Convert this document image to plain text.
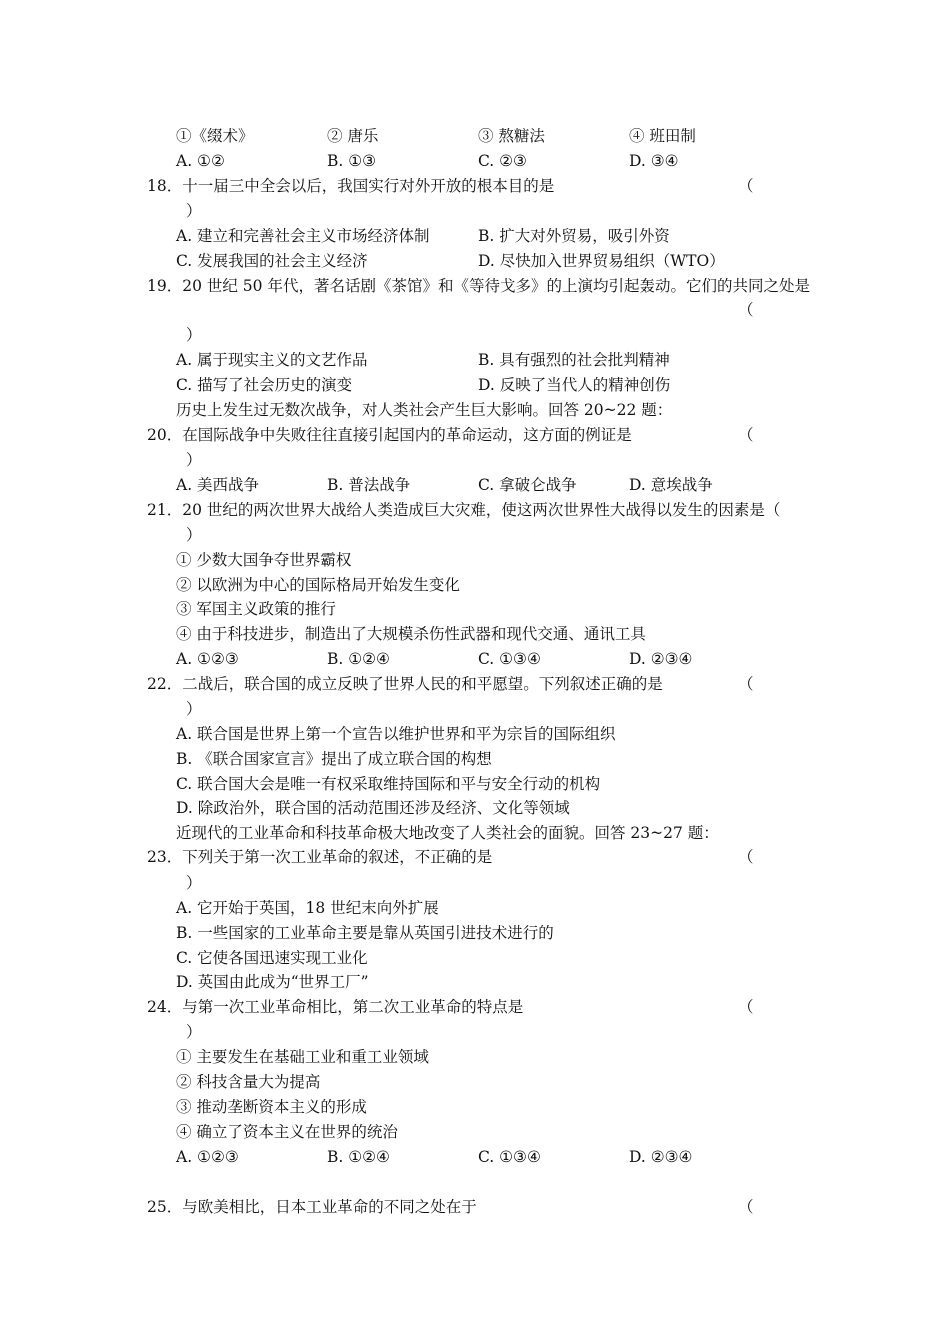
①《缀术》	② 唐乐	③ 熬糖法	④ 班田制
A. ①②	B. ①③	C. ②③	D. ③④
18．十一届三中全会以后，我国实行对外开放的根本目的是	（
）
A. 建立和完善社会主义市场经济体制	B. 扩大对外贸易，吸引外资
C. 发展我国的社会主义经济	D. 尽快加入世界贸易组织（WTO）
19．20 世纪 50 年代，著名话剧《茶馆》和《等待戈多》的上演均引起轰动。它们的共同之处是
（
）
A. 属于现实主义的文艺作品	B. 具有强烈的社会批判精神
C. 描写了社会历史的演变	D. 反映了当代人的精神创伤
历史上发生过无数次战争，对人类社会产生巨大影响。回答 20~22 题：
20．在国际战争中失败往往直接引起国内的革命运动，这方面的例证是	（
）
A. 美西战争	B. 普法战争	C. 拿破仑战争	D. 意埃战争
21．20 世纪的两次世界大战给人类造成巨大灾难，使这两次世界性大战得以发生的因素是（
）
① 少数大国争夺世界霸权
② 以欧洲为中心的国际格局开始发生变化
③ 军国主义政策的推行
④ 由于科技进步，制造出了大规模杀伤性武器和现代交通、通讯工具
A. ①②③	B. ①②④	C. ①③④	D. ②③④
22．二战后，联合国的成立反映了世界人民的和平愿望。下列叙述正确的是	（
）
A. 联合国是世界上第一个宣告以维护世界和平为宗旨的国际组织
B. 《联合国家宣言》提出了成立联合国的构想
C. 联合国大会是唯一有权采取维持国际和平与安全行动的机构
D. 除政治外，联合国的活动范围还涉及经济、文化等领域
近现代的工业革命和科技革命极大地改变了人类社会的面貌。回答 23~27 题：
23．下列关于第一次工业革命的叙述，不正确的是	（
）
A. 它开始于英国，18 世纪末向外扩展
B. 一些国家的工业革命主要是靠从英国引进技术进行的
C. 它使各国迅速实现工业化
D. 英国由此成为“世界工厂”
24．与第一次工业革命相比，第二次工业革命的特点是	（
）
① 主要发生在基础工业和重工业领域
② 科技含量大为提高
③ 推动垄断资本主义的形成
④ 确立了资本主义在世界的统治
A. ①②③	B. ①②④	C. ①③④	D. ②③④
25．与欧美相比，日本工业革命的不同之处在于	（
